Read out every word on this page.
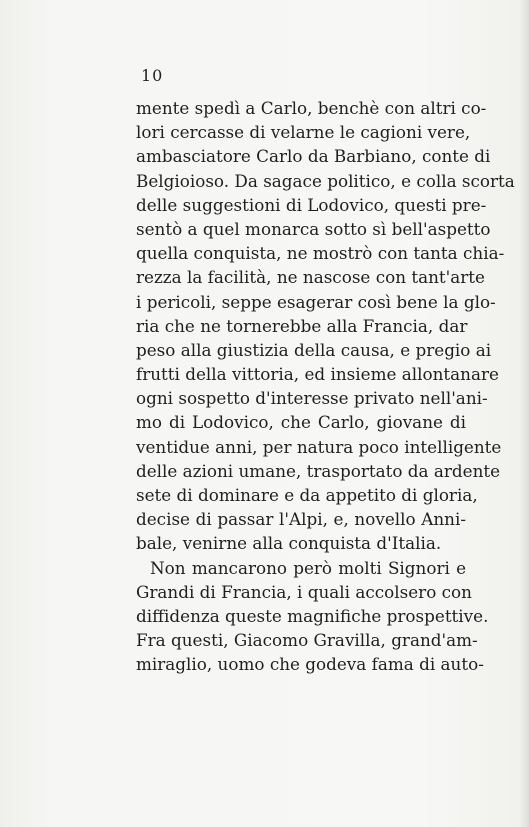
10
mente spedì a Carlo, benchè con altri co-
lori cercasse di velarne le cagioni vere,
ambasciatore Carlo da Barbiano, conte di
Belgioioso. Da sagace politico, e colla scorta
delle suggestioni di Lodovico, questi pre-
sentò a quel monarca sotto sì bell'aspetto
quella conquista, ne mostrò con tanta chia-
rezza la facilità, ne nascose con tant'arte
i pericoli, seppe esagerar così bene la glo-
ria che ne tornerebbe alla Francia, dar
peso alla giustizia della causa, e pregio ai
frutti della vittoria, ed insieme allontanare
ogni sospetto d'interesse privato nell'ani-
mo di Lodovico, che Carlo, giovane di
ventidue anni, per natura poco intelligente
delle azioni umane, trasportato da ardente
sete di dominare e da appetito di gloria,
decise di passar l'Alpi, e, novello Anni-
bale, venirne alla conquista d'Italia.
Non mancarono però molti Signori e
Grandi di Francia, i quali accolsero con
diffidenza queste magnifiche prospettive.
Fra questi, Giacomo Gravilla, grand'am-
miraglio, uomo che godeva fama di auto-
